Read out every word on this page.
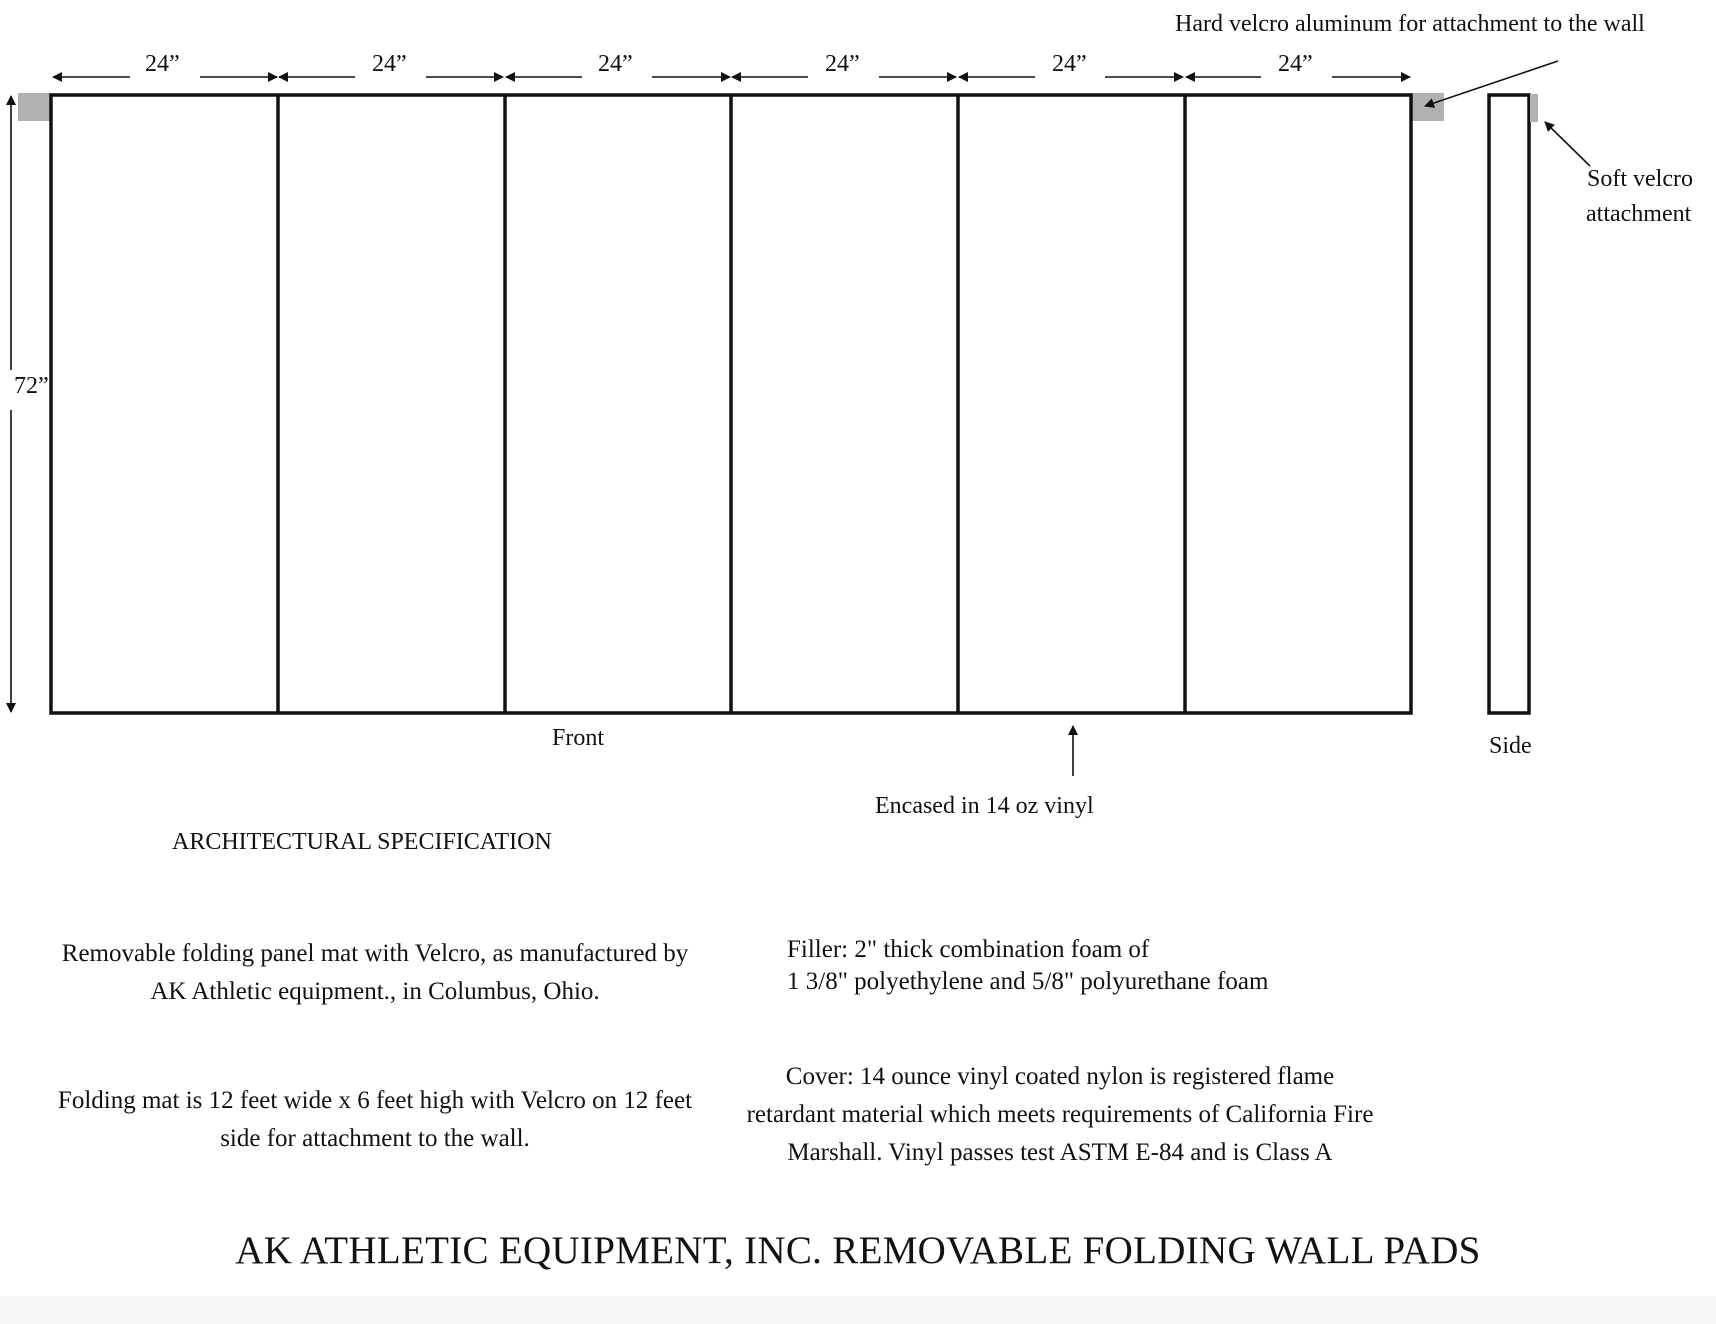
24”	24”	24”	24”	24”	24”
72”
Hard velcro aluminum for attachment to the wall
Soft velcro
attachment
Front	Side
Encased in 14 oz vinyl
ARCHITECTURAL SPECIFICATION
Removable folding panel mat with Velcro, as manufactured by AK Athletic equipment., in Columbus, Ohio.
Folding mat is 12 feet wide x 6 feet high with Velcro on 12 feet side for attachment to the wall.
Filler: 2" thick combination foam of
1 3/8" polyethylene and 5/8" polyurethane foam
Cover: 14 ounce vinyl coated nylon is registered flame retardant material which meets requirements of California Fire Marshall. Vinyl passes test ASTM E-84 and is Class A
AK ATHLETIC EQUIPMENT, INC. REMOVABLE FOLDING WALL PADS
